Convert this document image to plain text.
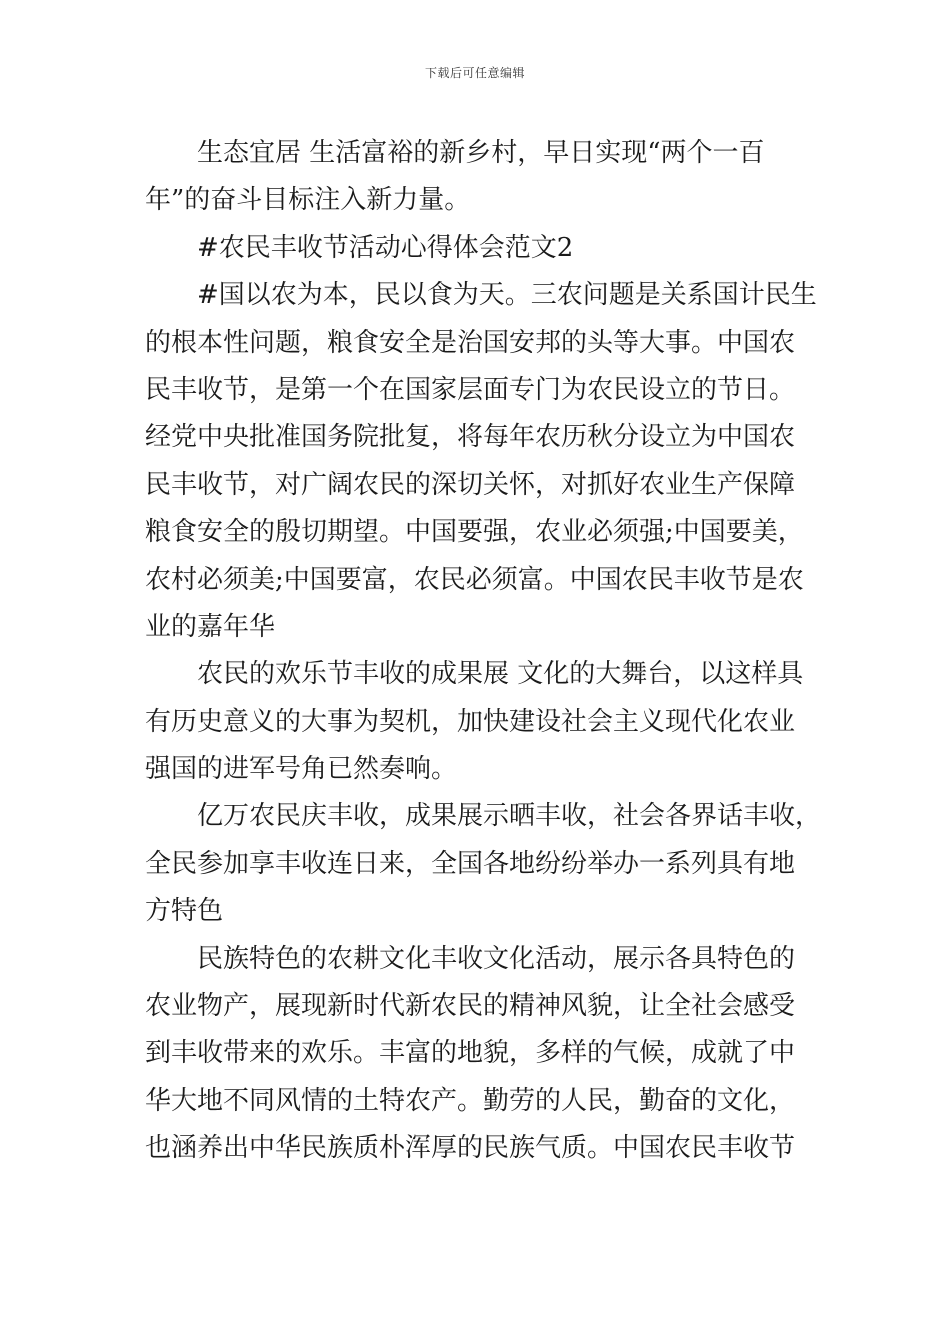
下载后可任意编辑
生态宜居 生活富裕的新乡村，早日实现“两个一百
年”的奋斗目标注入新力量。
#农民丰收节活动心得体会范文2
#国以农为本，民以食为天。三农问题是关系国计民生
的根本性问题，粮食安全是治国安邦的头等大事。中国农
民丰收节，是第一个在国家层面专门为农民设立的节日。
经党中央批准国务院批复，将每年农历秋分设立为中国农
民丰收节，对广阔农民的深切关怀，对抓好农业生产保障
粮食安全的殷切期望。中国要强，农业必须强;中国要美，
农村必须美;中国要富，农民必须富。中国农民丰收节是农
业的嘉年华
农民的欢乐节丰收的成果展 文化的大舞台，以这样具
有历史意义的大事为契机，加快建设社会主义现代化农业
强国的进军号角已然奏响。
亿万农民庆丰收，成果展示晒丰收，社会各界话丰收，
全民参加享丰收连日来，全国各地纷纷举办一系列具有地
方特色
民族特色的农耕文化丰收文化活动，展示各具特色的
农业物产，展现新时代新农民的精神风貌，让全社会感受
到丰收带来的欢乐。丰富的地貌，多样的气候，成就了中
华大地不同风情的土特农产。勤劳的人民，勤奋的文化，
也涵养出中华民族质朴浑厚的民族气质。中国农民丰收节
